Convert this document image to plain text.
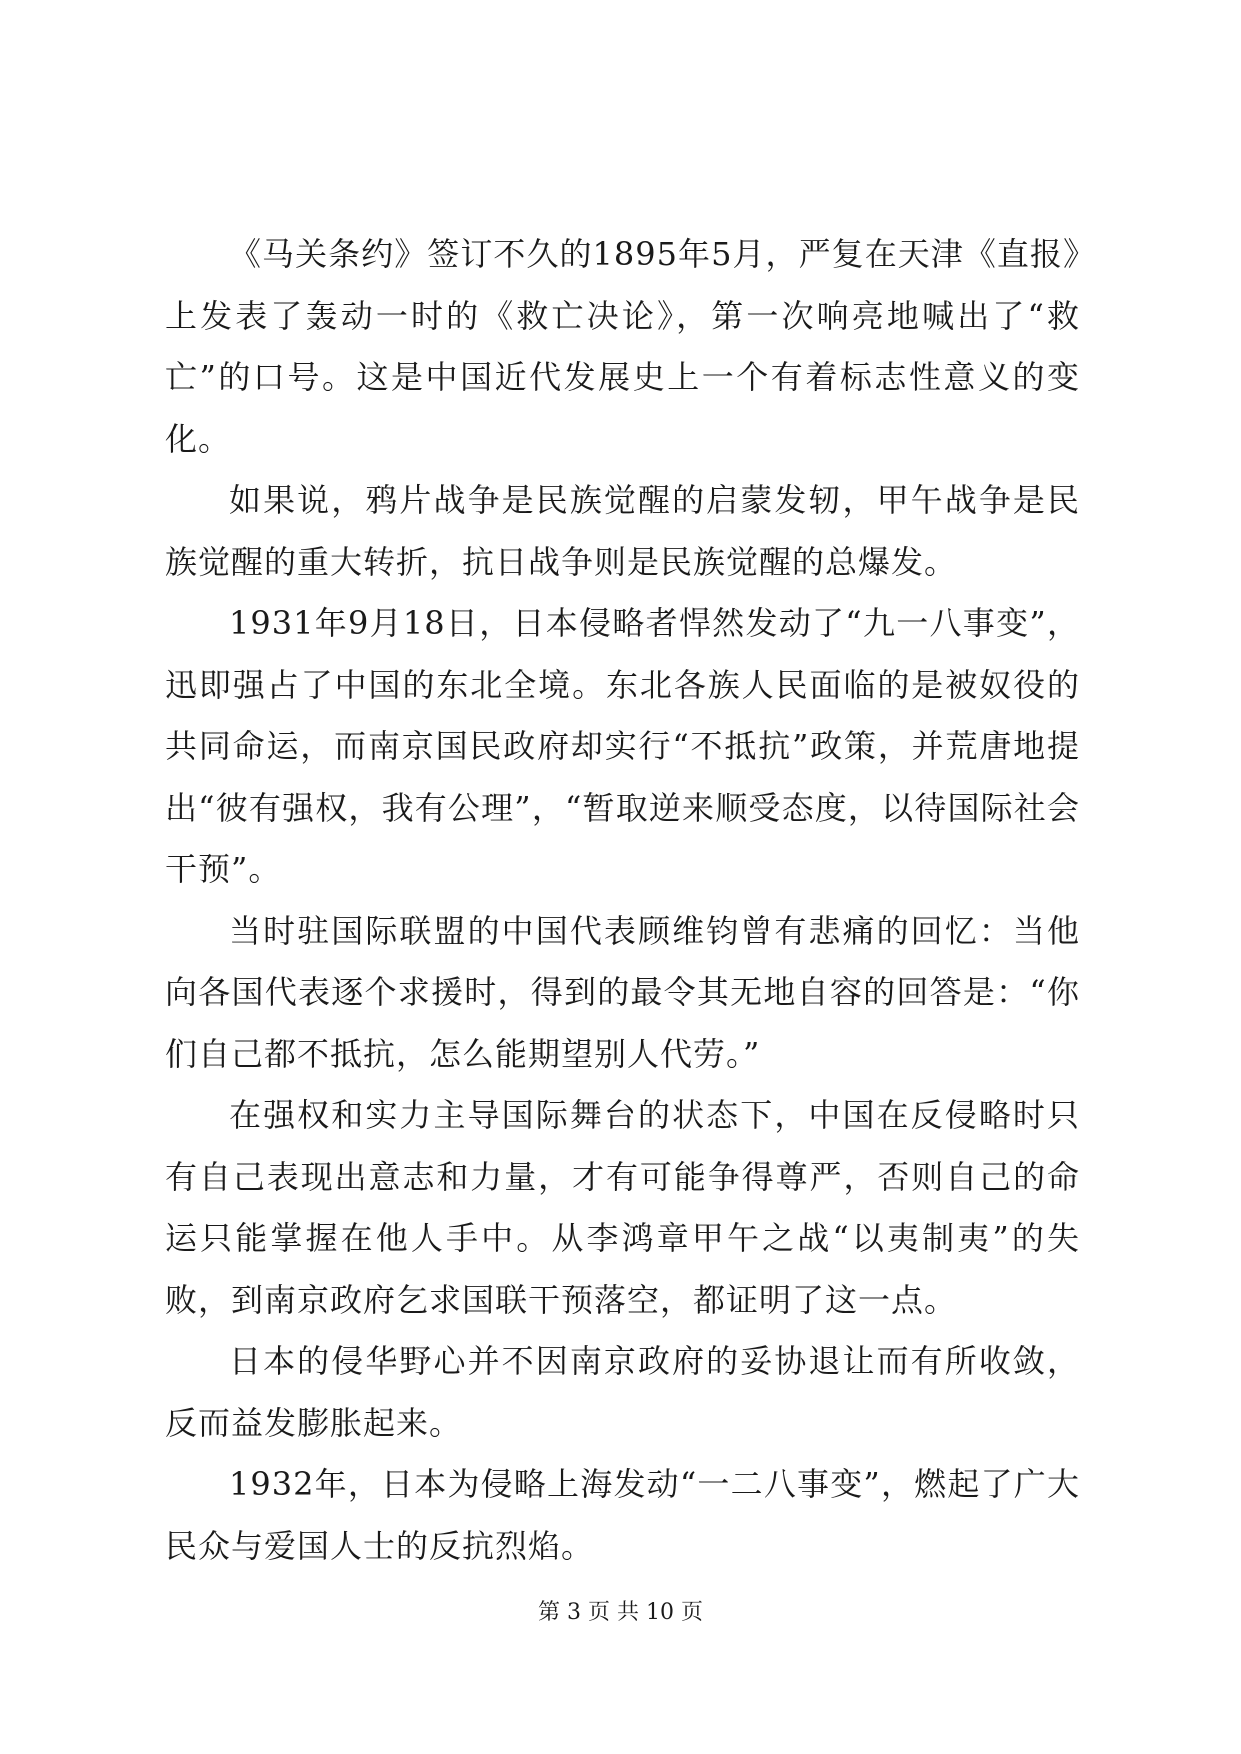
《马关条约》签订不久的1895年5月，严复在天津《直报》上发表了轰动一时的《救亡决论》，第一次响亮地喊出了“救亡”的口号。这是中国近代发展史上一个有着标志性意义的变化。

如果说，鸦片战争是民族觉醒的启蒙发轫，甲午战争是民族觉醒的重大转折，抗日战争则是民族觉醒的总爆发。

1931年9月18日，日本侵略者悍然发动了“九一八事变”，迅即强占了中国的东北全境。东北各族人民面临的是被奴役的共同命运，而南京国民政府却实行“不抵抗”政策，并荒唐地提出“彼有强权，我有公理”，“暂取逆来顺受态度，以待国际社会干预”。

当时驻国际联盟的中国代表顾维钧曾有悲痛的回忆：当他向各国代表逐个求援时，得到的最令其无地自容的回答是：“你们自己都不抵抗，怎么能期望别人代劳。”

在强权和实力主导国际舞台的状态下，中国在反侵略时只有自己表现出意志和力量，才有可能争得尊严，否则自己的命运只能掌握在他人手中。从李鸿章甲午之战“以夷制夷”的失败，到南京政府乞求国联干预落空，都证明了这一点。

日本的侵华野心并不因南京政府的妥协退让而有所收敛，反而益发膨胀起来。

1932年，日本为侵略上海发动“一二八事变”，燃起了广大民众与爱国人士的反抗烈焰。

第 3 页 共 10 页
